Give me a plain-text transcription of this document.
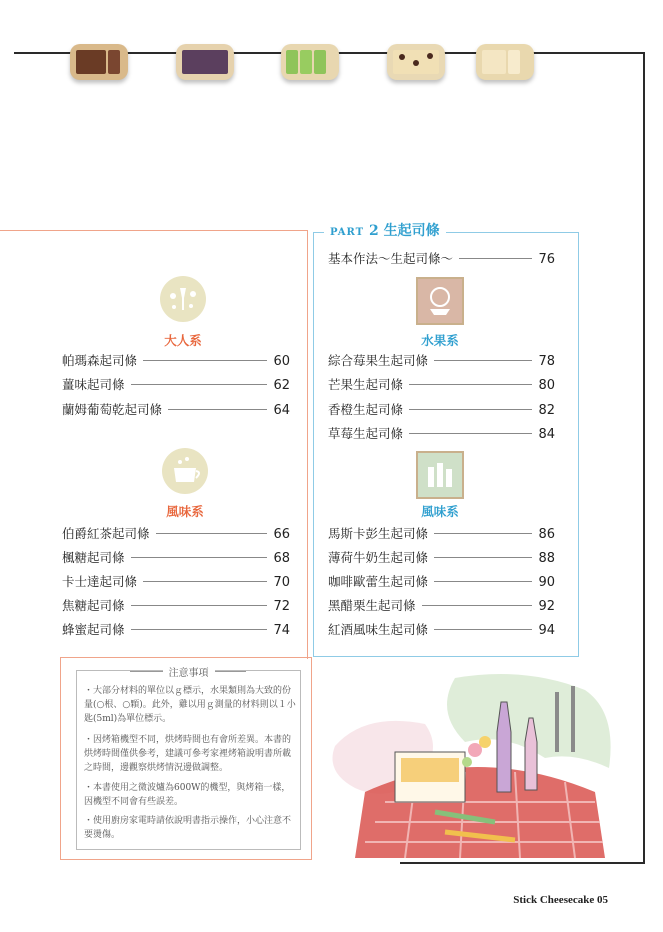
PART 2 生起司條
基本作法～生起司條～	76
大人系
帕瑪森起司條	60
薑味起司條	62
蘭姆葡萄乾起司條	64
風味系
伯爵紅茶起司條	66
楓糖起司條	68
卡士達起司條	70
焦糖起司條	72
蜂蜜起司條	74
水果系
綜合莓果生起司條	78
芒果生起司條	80
香橙生起司條	82
草莓生起司條	84
風味系
馬斯卡彭生起司條	86
薄荷牛奶生起司條	88
咖啡歐蕾生起司條	90
黑醋栗生起司條	92
紅酒風味生起司條	94
注意事項
・大部分材料的單位以ｇ標示，水果類則為大致的份量(○根、○顆)。此外，雞以用ｇ測量的材料則以１小匙(5ml)為單位標示。
・因烤箱機型不同，烘烤時間也有會所差異。本書的烘烤時間僅供參考，建議可參考家裡烤箱說明書所載之時間，邊觀察烘烤情況邊做調整。
・本書使用之微波爐為600W的機型，與烤箱一樣，因機型不同會有些誤差。
・使用廚房家電時請依說明書指示操作，小心注意不要燙傷。
Stick Cheesecake 05
